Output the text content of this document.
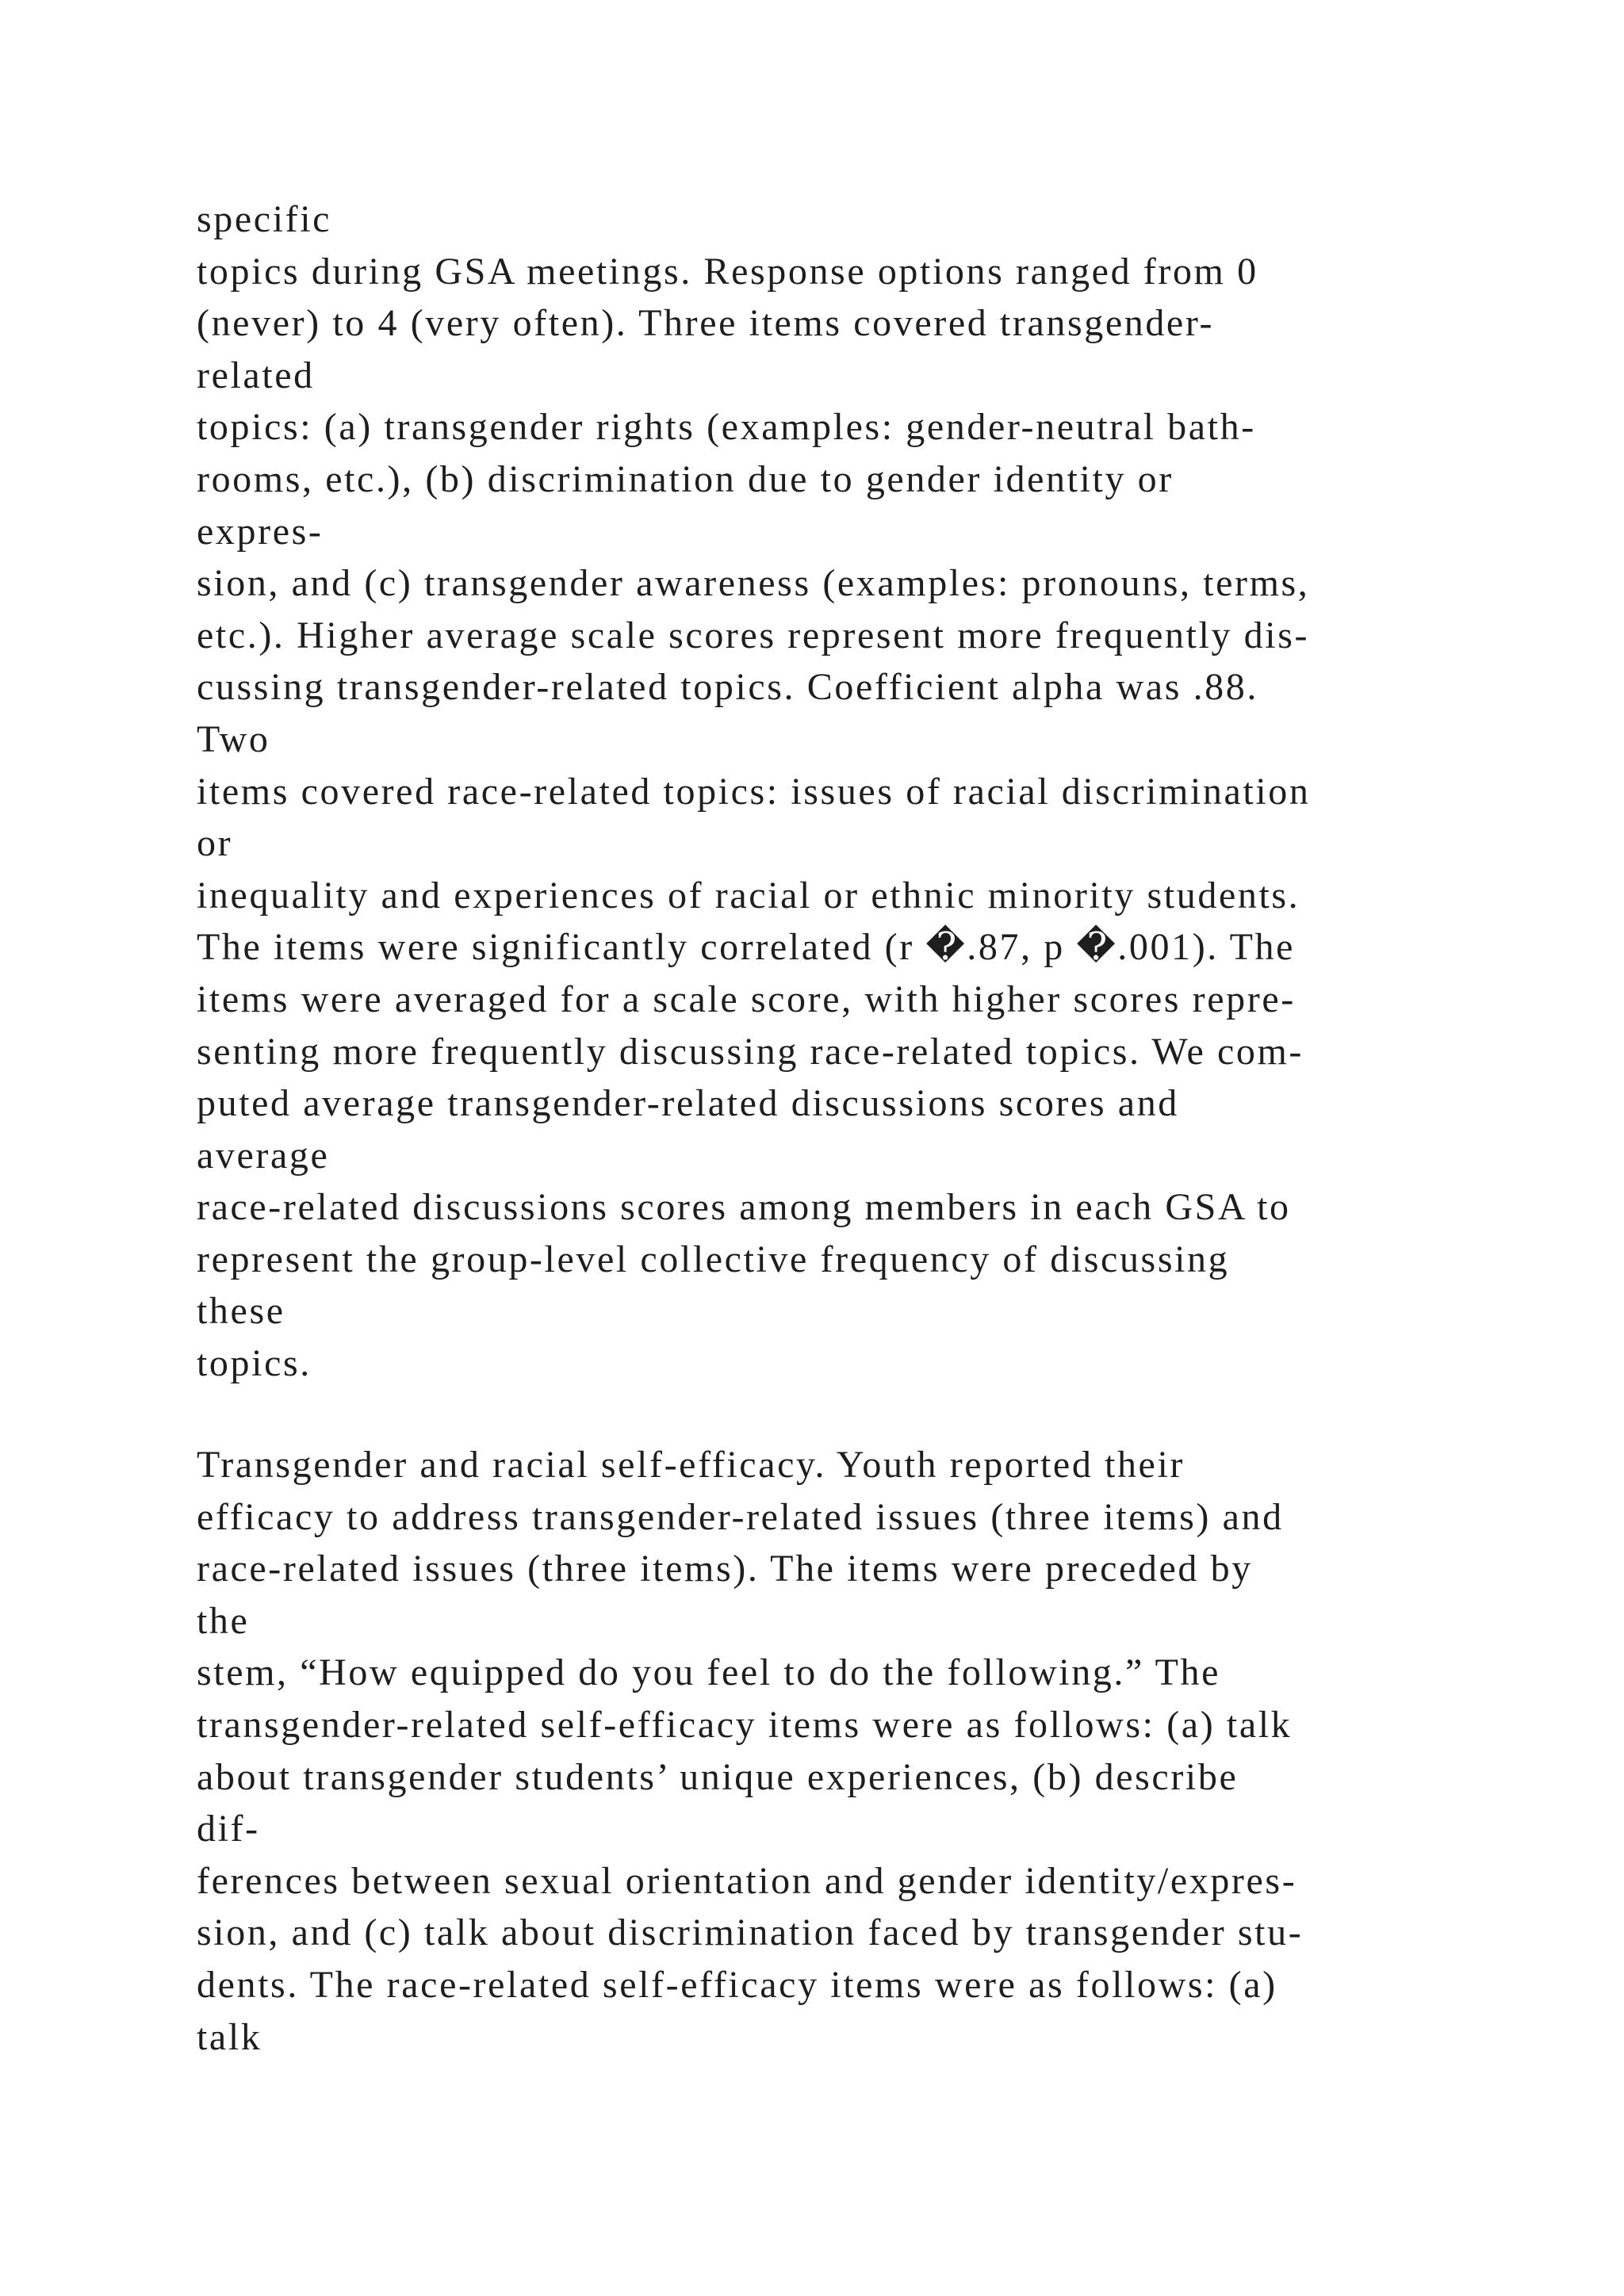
specific
topics during GSA meetings. Response options ranged from 0
(never) to 4 (very often). Three items covered transgender-
related
topics: (a) transgender rights (examples: gender-neutral bath-
rooms, etc.), (b) discrimination due to gender identity or
expres-
sion, and (c) transgender awareness (examples: pronouns, terms,
etc.). Higher average scale scores represent more frequently dis-
cussing transgender-related topics. Coefficient alpha was .88.
Two
items covered race-related topics: issues of racial discrimination
or
inequality and experiences of racial or ethnic minority students.
The items were significantly correlated (r �.87, p �.001). The
items were averaged for a scale score, with higher scores repre-
senting more frequently discussing race-related topics. We com-
puted average transgender-related discussions scores and
average
race-related discussions scores among members in each GSA to
represent the group-level collective frequency of discussing
these
topics.
Transgender and racial self-efficacy. Youth reported their
efficacy to address transgender-related issues (three items) and
race-related issues (three items). The items were preceded by
the
stem, “How equipped do you feel to do the following.” The
transgender-related self-efficacy items were as follows: (a) talk
about transgender students’ unique experiences, (b) describe
dif-
ferences between sexual orientation and gender identity/expres-
sion, and (c) talk about discrimination faced by transgender stu-
dents. The race-related self-efficacy items were as follows: (a)
talk
